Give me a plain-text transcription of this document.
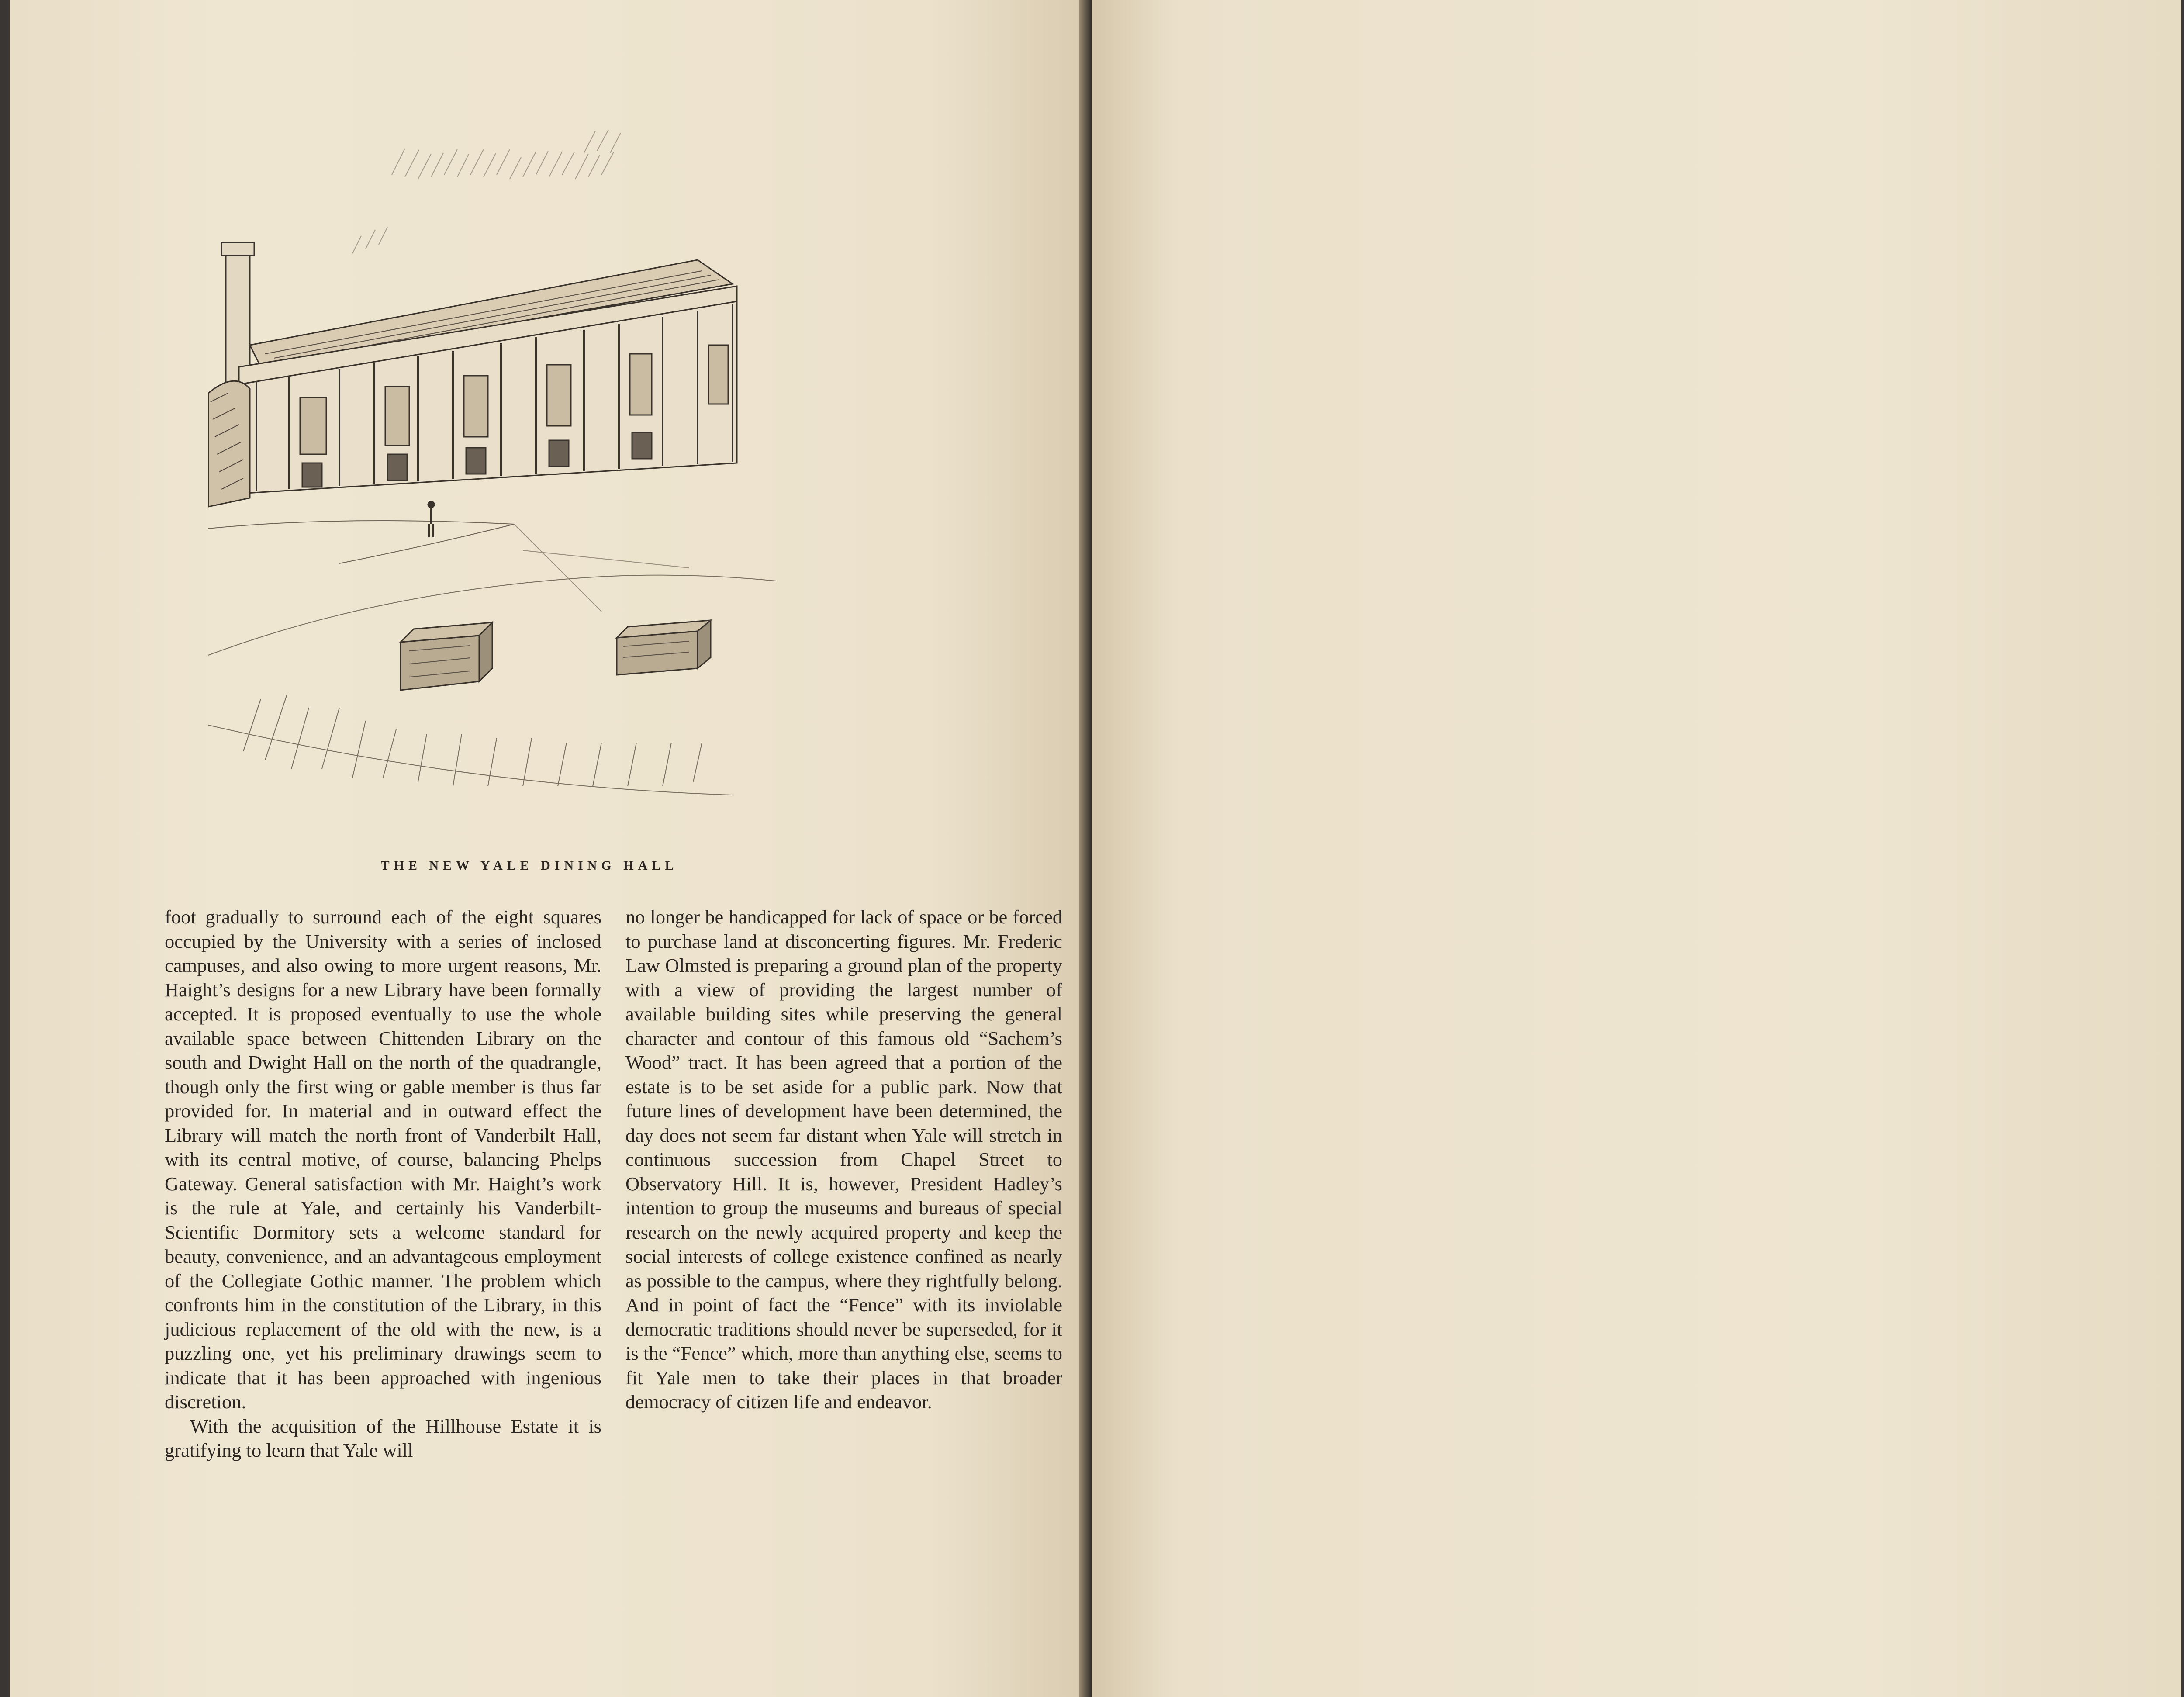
THE NEW YALE DINING HALL

foot gradually to surround each of the eight squares occupied by the University with a series of inclosed campuses, and also owing to more urgent reasons, Mr. Haight’s designs for a new Library have been formally accepted. It is proposed eventually to use the whole available space between Chittenden Library on the south and Dwight Hall on the north of the quadrangle, though only the first wing or gable member is thus far provided for. In material and in outward effect the Library will match the north front of Vanderbilt Hall, with its central motive, of course, balancing Phelps Gateway. General satisfaction with Mr. Haight’s work is the rule at Yale, and certainly his Vanderbilt-Scientific Dormitory sets a welcome standard for beauty, convenience, and an advantageous employment of the Collegiate Gothic manner. The problem which confronts him in the constitution of the Library, in this judicious replacement of the old with the new, is a puzzling one, yet his preliminary drawings seem to indicate that it has been approached with ingenious discretion.

With the acquisition of the Hillhouse Estate it is gratifying to learn that Yale will

no longer be handicapped for lack of space or be forced to purchase land at disconcerting figures. Mr. Frederic Law Olmsted is preparing a ground plan of the property with a view of providing the largest number of available building sites while preserving the general character and contour of this famous old “Sachem’s Wood” tract. It has been agreed that a portion of the estate is to be set aside for a public park. Now that future lines of development have been determined, the day does not seem far distant when Yale will stretch in continuous succession from Chapel Street to Observatory Hill. It is, however, President Hadley’s intention to group the museums and bureaus of special research on the newly acquired property and keep the social interests of college existence confined as nearly as possible to the campus, where they rightfully belong. And in point of fact the “Fence” with its inviolable democratic traditions should never be superseded, for it is the “Fence” which, more than anything else, seems to fit Yale men to take their places in that broader democracy of citizen life and endeavor.
